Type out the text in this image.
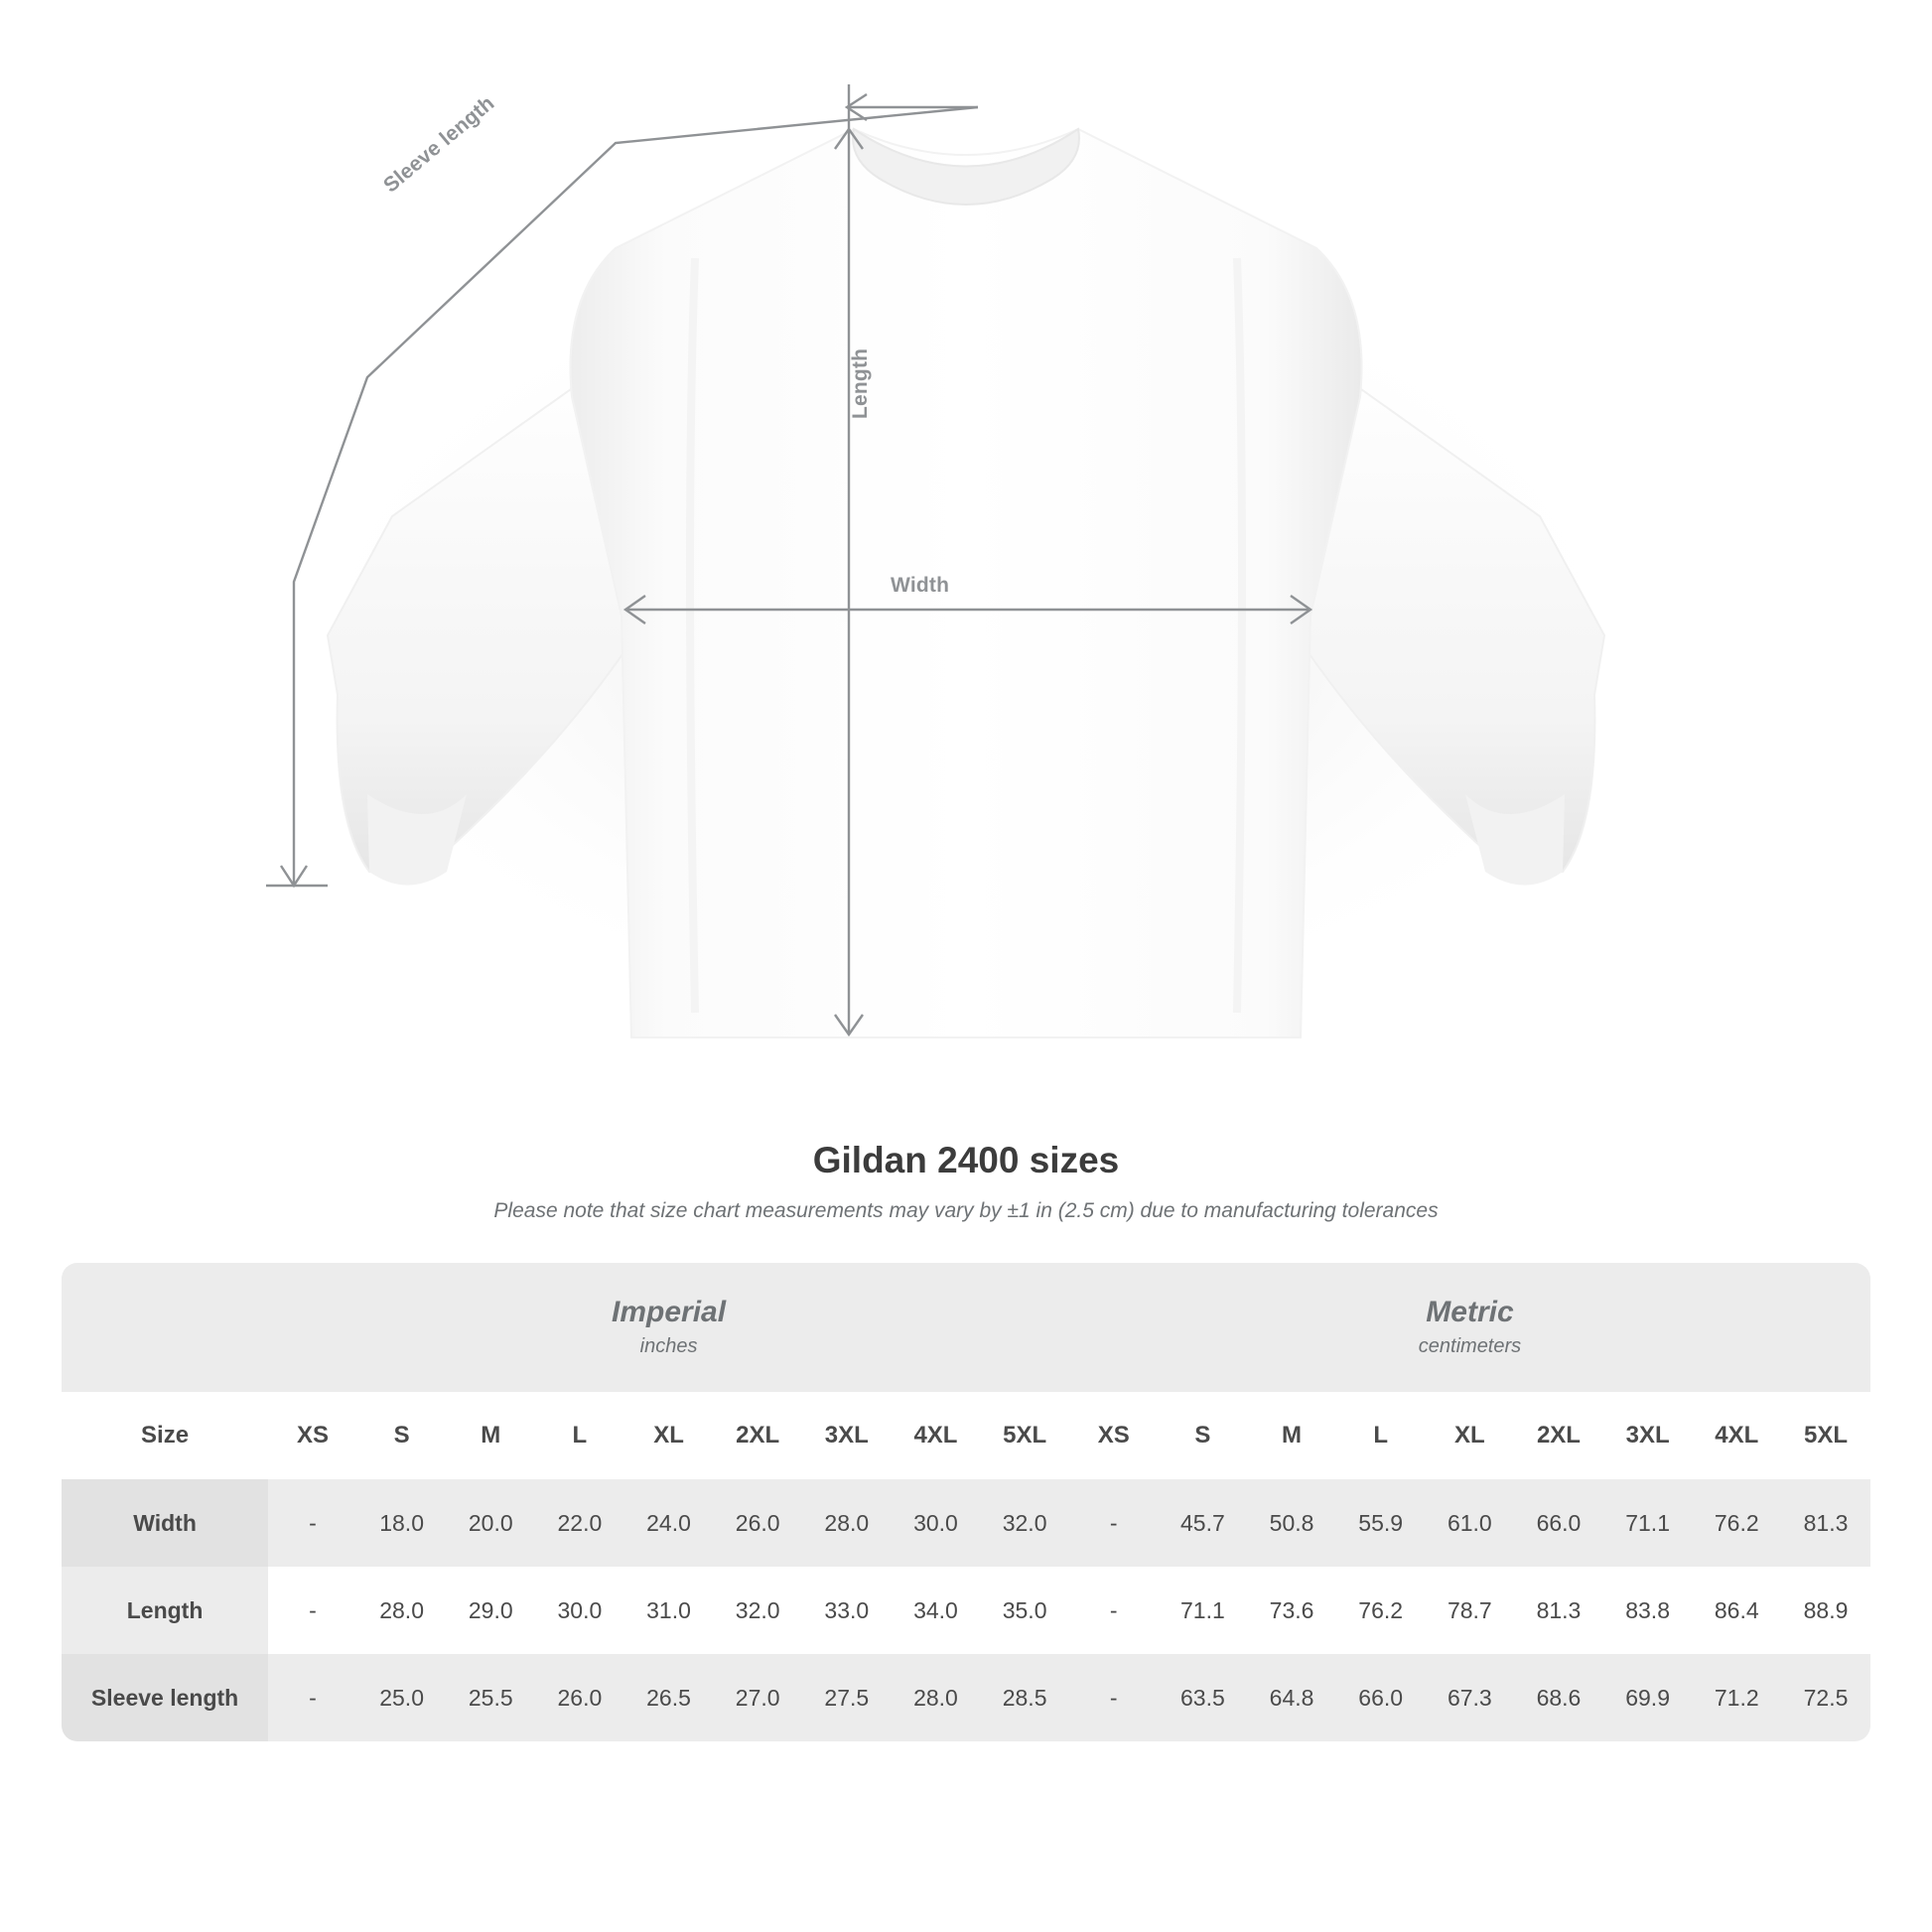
Width
Length
Sleeve length
Gildan 2400 sizes

Please note that size chart measurements may vary by ±1 in (2.5 cm) due to manufacturing tolerances

Imperial
inches

Metric
centimeters

Size	XS	S	M	L	XL	2XL	3XL	4XL	5XL	XS	S	M	L	XL	2XL	3XL	4XL	5XL
Width	-	18.0	20.0	22.0	24.0	26.0	28.0	30.0	32.0	-	45.7	50.8	55.9	61.0	66.0	71.1	76.2	81.3
Length	-	28.0	29.0	30.0	31.0	32.0	33.0	34.0	35.0	-	71.1	73.6	76.2	78.7	81.3	83.8	86.4	88.9
Sleeve length	-	25.0	25.5	26.0	26.5	27.0	27.5	28.0	28.5	-	63.5	64.8	66.0	67.3	68.6	69.9	71.2	72.5
